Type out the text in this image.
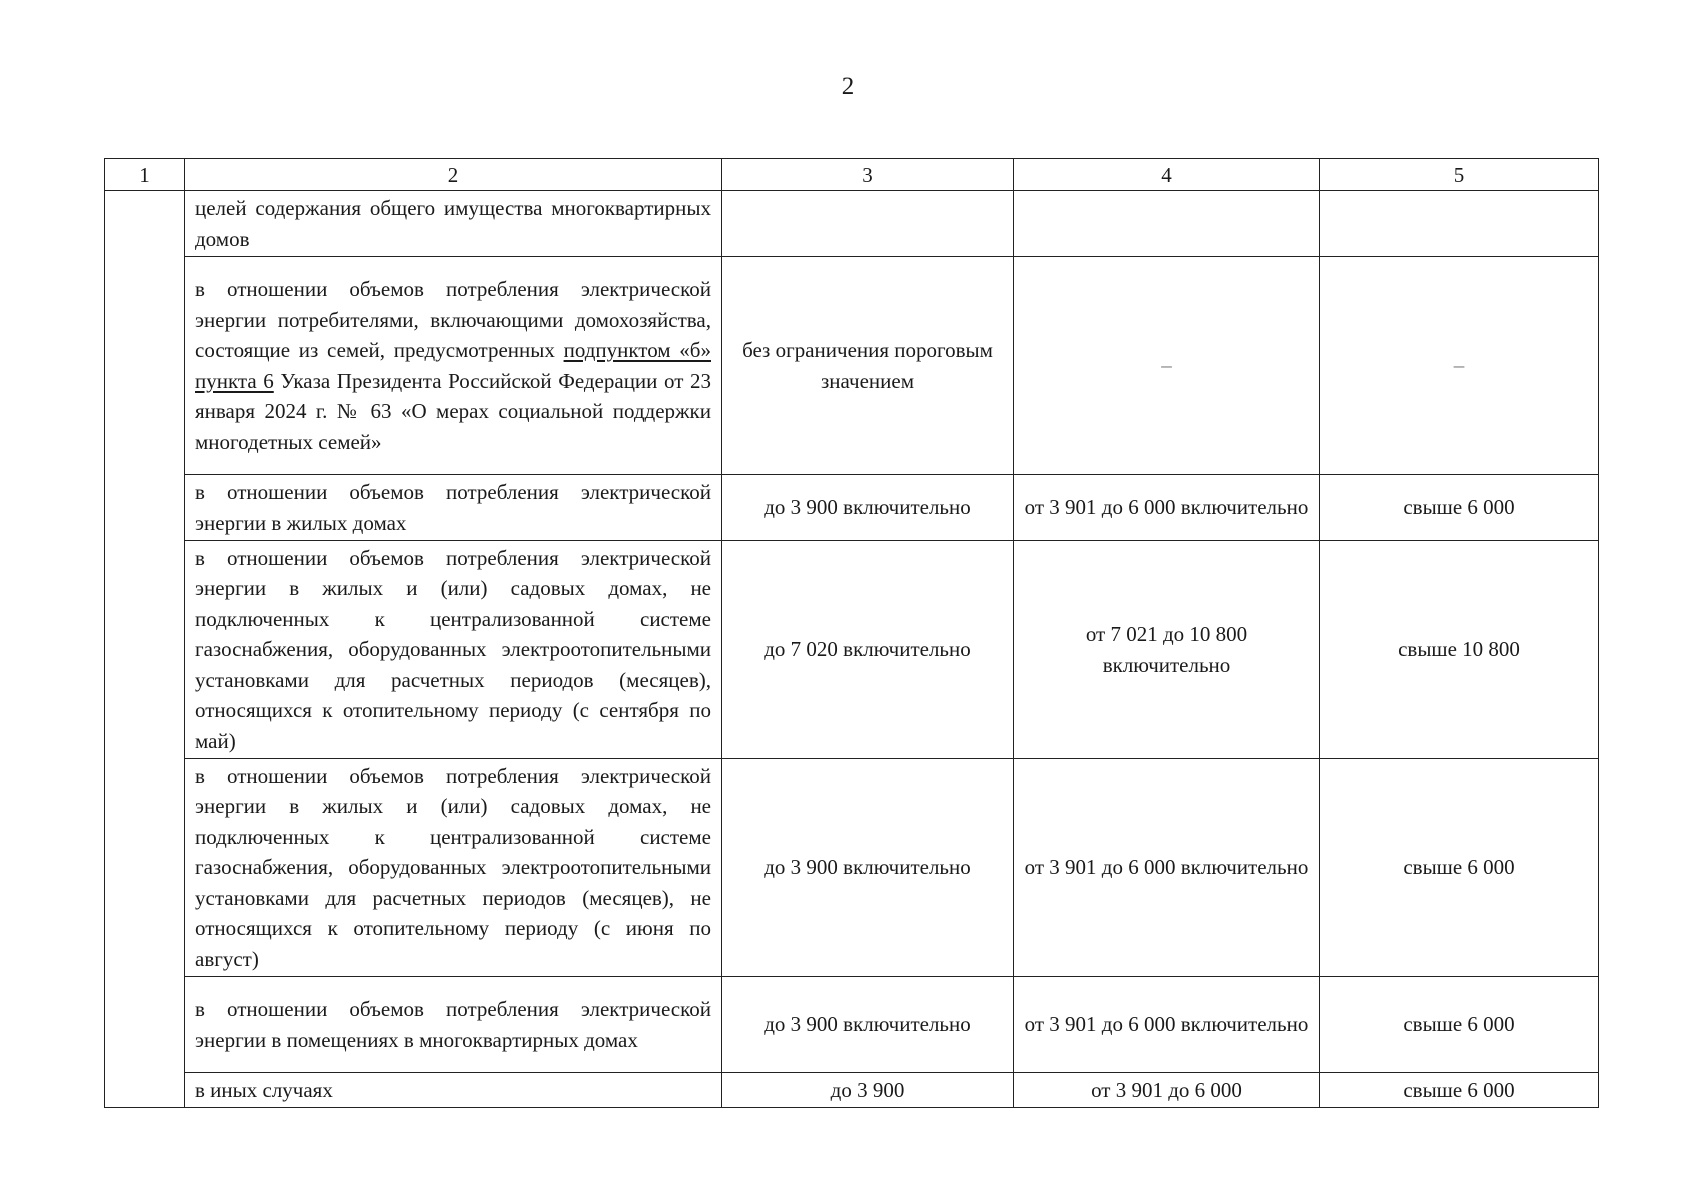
2
1	2	3	4	5
	целей содержания общего имущества многоквартирных домов			
	в отношении объемов потребления электрической энергии потребителями, включающими домохозяйства, состоящие из семей, предусмотренных подпунктом «б» пункта 6 Указа Президента Российской Федерации от 23 января 2024 г. № 63 «О мерах социальной поддержки многодетных семей»	без ограничения пороговым значением	–	–
	в отношении объемов потребления электрической энергии в жилых домах	до 3 900 включительно	от 3 901 до 6 000 включительно	свыше 6 000
	в отношении объемов потребления электрической энергии в жилых и (или) садовых домах, не подключенных к централизованной системе газоснабжения, оборудованных электроотопительными установками для расчетных периодов (месяцев), относящихся к отопительному периоду (с сентября по май)	до 7 020 включительно	от 7 021 до 10 800 включительно	свыше 10 800
	в отношении объемов потребления электрической энергии в жилых и (или) садовых домах, не подключенных к централизованной системе газоснабжения, оборудованных электроотопительными установками для расчетных периодов (месяцев), не относящихся к отопительному периоду (с июня по август)	до 3 900 включительно	от 3 901 до 6 000 включительно	свыше 6 000
	в отношении объемов потребления электрической энергии в помещениях в многоквартирных домах	до 3 900 включительно	от 3 901 до 6 000 включительно	свыше 6 000
	в иных случаях	до 3 900	от 3 901 до 6 000	свыше 6 000
